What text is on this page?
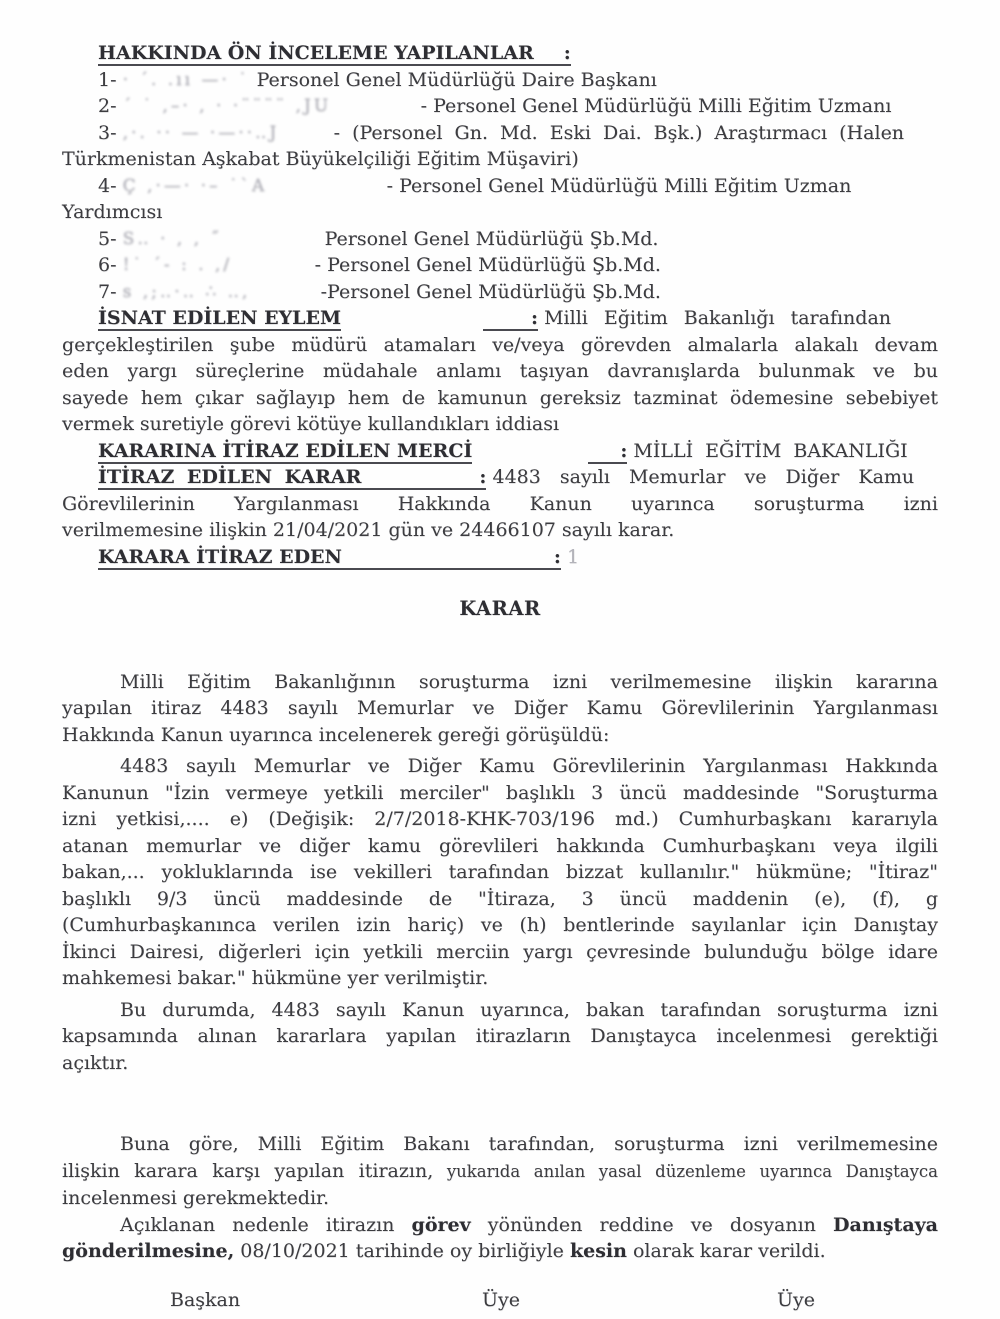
HAKKINDA ÖN İNCELEME YAPILANLAR :
1- · ´. .ıı —· ˙ Personel Genel Müdürlüğü Daire Başkanı
2- ´ ˙ ,–· , · ·¨¨¨¨ ,JU	- Personel Genel Müdürlüğü Milli Eğitim Uzmanı
3- ,·. ·· — ·—··‥J	- (Personel Gn. Md. Eski Dai. Bşk.) Araştırmacı (Halen
Türkmenistan Aşkabat Büyükelçiliği Eğitim Müşaviri)
4- Ç ,·—· ·– ˙`A	- Personel Genel Müdürlüğü Milli Eğitim Uzman
Yardımcısı
5- S‥ · , , ˝	Personel Genel Müdürlüğü Şb.Md.
6- !˙ ´- : . ,/	- Personel Genel Müdürlüğü Şb.Md.
7- s ,;‥·‥ ∴ ‥,	-Personel Genel Müdürlüğü Şb.Md.
İSNAT EDİLEN EYLEM	: Milli Eğitim Bakanlığı tarafından
gerçekleştirilen şube müdürü atamaları ve/veya görevden almalarla alakalı devam
eden yargı süreçlerine müdahale anlamı taşıyan davranışlarda bulunmak ve bu
sayede hem çıkar sağlayıp hem de kamunun gereksiz tazminat ödemesine sebebiyet
vermek suretiyle görevi kötüye kullandıkları iddiası
KARARINA İTİRAZ EDİLEN MERCİ	: MİLLİ EĞİTİM BAKANLIĞI
İTİRAZ EDİLEN KARAR	: 4483 sayılı Memurlar ve Diğer Kamu
Görevlilerinin Yargılanması Hakkında Kanun uyarınca soruşturma izni
verilmemesine ilişkin 21/04/2021 gün ve 24466107 sayılı karar.
KARARA İTİRAZ EDEN	: 1
KARAR
Milli Eğitim Bakanlığının soruşturma izni verilmemesine ilişkin kararına
yapılan itiraz 4483 sayılı Memurlar ve Diğer Kamu Görevlilerinin Yargılanması
Hakkında Kanun uyarınca incelenerek gereği görüşüldü:
4483 sayılı Memurlar ve Diğer Kamu Görevlilerinin Yargılanması Hakkında
Kanunun "İzin vermeye yetkili merciler" başlıklı 3 üncü maddesinde "Soruşturma
izni yetkisi,.... e) (Değişik: 2/7/2018-KHK-703/196 md.) Cumhurbaşkanı kararıyla
atanan memurlar ve diğer kamu görevlileri hakkında Cumhurbaşkanı veya ilgili
bakan,... yokluklarında ise vekilleri tarafından bizzat kullanılır." hükmüne; "İtiraz"
başlıklı 9/3 üncü maddesinde de "İtiraza, 3 üncü maddenin (e), (f), g
(Cumhurbaşkanınca verilen izin hariç) ve (h) bentlerinde sayılanlar için Danıştay
İkinci Dairesi, diğerleri için yetkili merciin yargı çevresinde bulunduğu bölge idare
mahkemesi bakar." hükmüne yer verilmiştir.
Bu durumda, 4483 sayılı Kanun uyarınca, bakan tarafından soruşturma izni
kapsamında alınan kararlara yapılan itirazların Danıştayca incelenmesi gerektiği
açıktır.
Buna göre, Milli Eğitim Bakanı tarafından, soruşturma izni verilmemesine
ilişkin karara karşı yapılan itirazın, yukarıda anılan yasal düzenleme uyarınca Danıştayca
incelenmesi gerekmektedir.
Açıklanan nedenle itirazın görev yönünden reddine ve dosyanın Danıştaya
gönderilmesine, 08/10/2021 tarihinde oy birliğiyle kesin olarak karar verildi.
Başkan	Üye	Üye
